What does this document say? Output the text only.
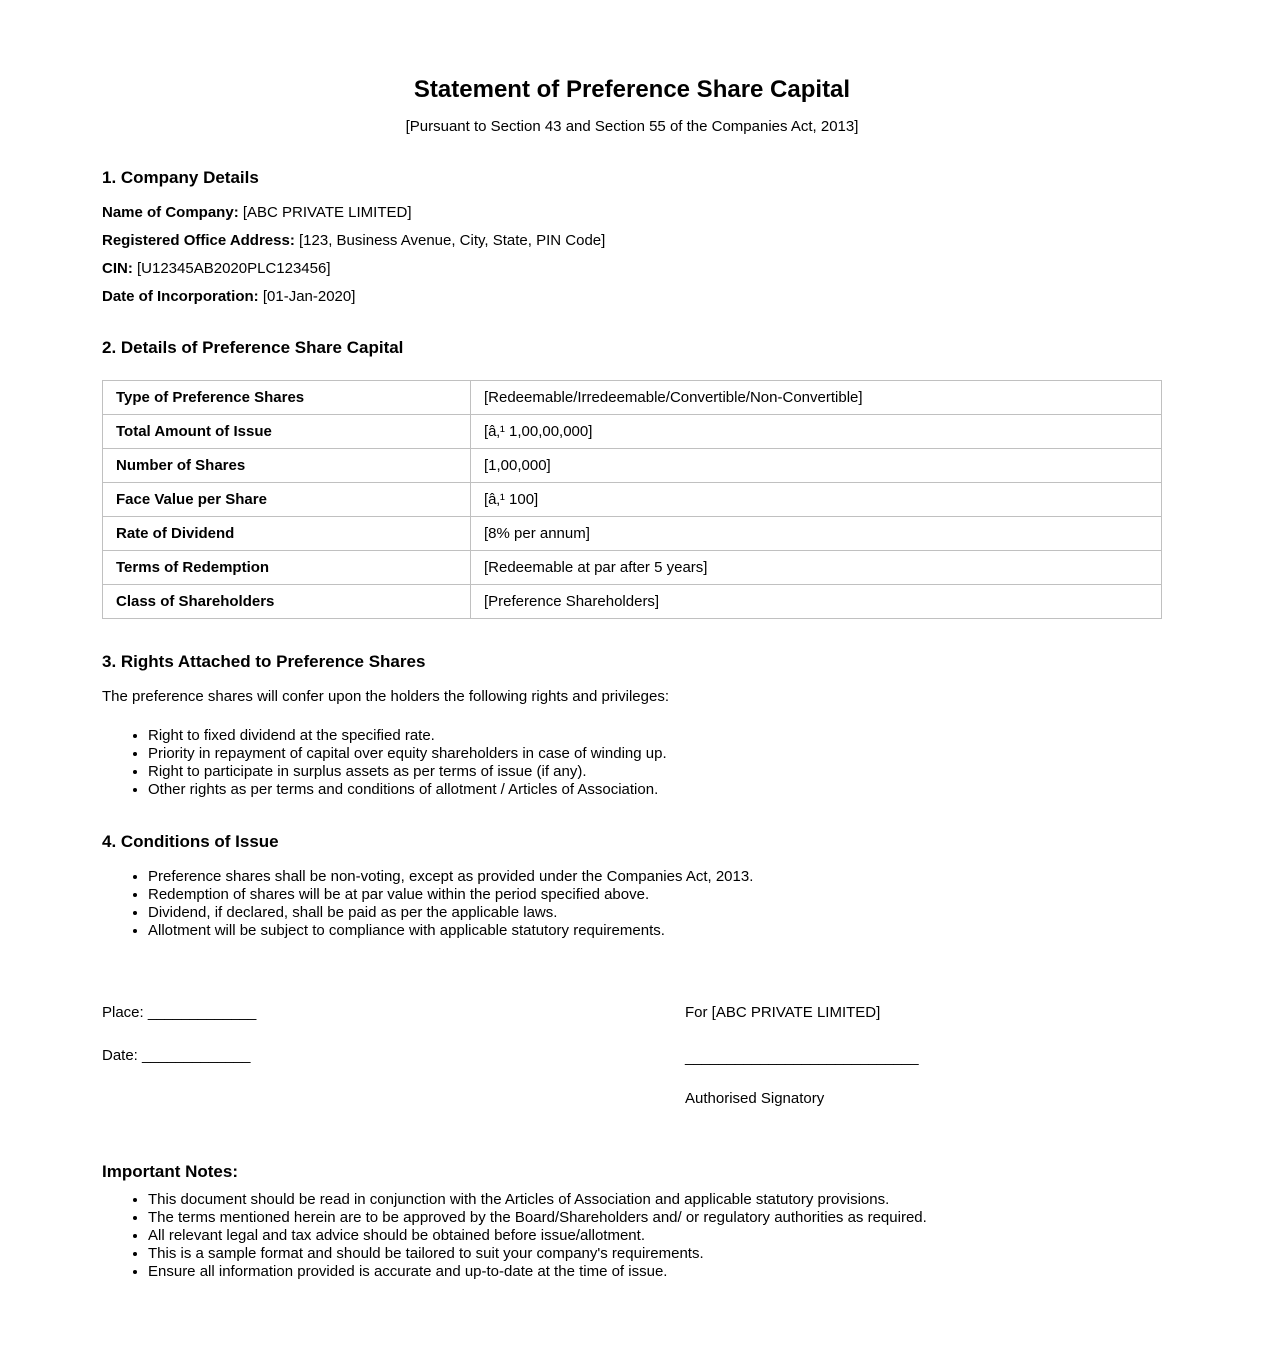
Statement of Preference Share Capital

[Pursuant to Section 43 and Section 55 of the Companies Act, 2013]

1. Company Details

Name of Company: [ABC PRIVATE LIMITED]

Registered Office Address: [123, Business Avenue, City, State, PIN Code]

CIN: [U12345AB2020PLC123456]

Date of Incorporation: [01-Jan-2020]

2. Details of Preference Share Capital
Type of Preference Shares	[Redeemable/Irredeemable/Convertible/Non-Convertible]
Total Amount of Issue	[â‚¹ 1,00,00,000]
Number of Shares	[1,00,000]
Face Value per Share	[â‚¹ 100]
Rate of Dividend	[8% per annum]
Terms of Redemption	[Redeemable at par after 5 years]
Class of Shareholders	[Preference Shareholders]
3. Rights Attached to Preference Shares

The preference shares will confer upon the holders the following rights and privileges:

• Right to fixed dividend at the specified rate.
• Priority in repayment of capital over equity shareholders in case of winding up.
• Right to participate in surplus assets as per terms of issue (if any).
• Other rights as per terms and conditions of allotment / Articles of Association.
4. Conditions of Issue
• Preference shares shall be non-voting, except as provided under the Companies Act, 2013.
• Redemption of shares will be at par value within the period specified above.
• Dividend, if declared, shall be paid as per the applicable laws.
• Allotment will be subject to compliance with applicable statutory requirements.

Place: _____________

Date: _____________

For [ABC PRIVATE LIMITED]

____________________________

Authorised Signatory

Important Notes:
• This document should be read in conjunction with the Articles of Association and applicable statutory provisions.
• The terms mentioned herein are to be approved by the Board/Shareholders and/ or regulatory authorities as required.
• All relevant legal and tax advice should be obtained before issue/allotment.
• This is a sample format and should be tailored to suit your company's requirements.
• Ensure all information provided is accurate and up-to-date at the time of issue.
